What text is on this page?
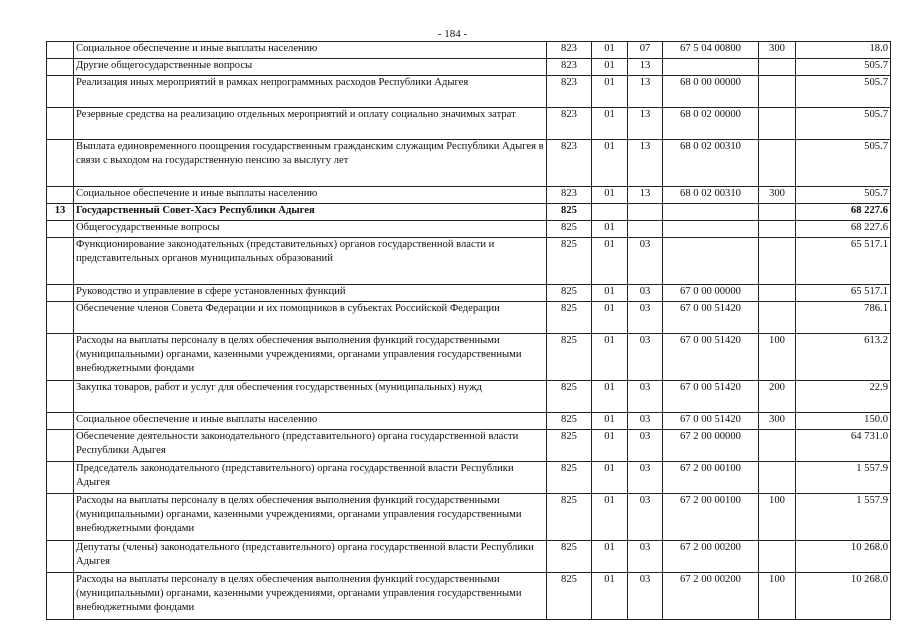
- 184 -
	Социальное обеспечение и иные выплаты населению	823	01	07	67 5 04 00800	300	18.0
	Другие общегосударственные вопросы	823	01	13			505.7
	Реализация иных мероприятий в рамках непрограммных расходов Республики Адыгея	823	01	13	68 0 00 00000		505.7
	Резервные средства на реализацию отдельных мероприятий и оплату социально значимых затрат	823	01	13	68 0 02 00000		505.7
	Выплата единовременного поощрения государственным гражданским служащим Республики Адыгея в связи с выходом на государственную пенсию за выслугу лет	823	01	13	68 0 02 00310		505.7
	Социальное обеспечение и иные выплаты населению	823	01	13	68 0 02 00310	300	505.7
13	Государственный Совет-Хасэ Республики Адыгея	825					68 227.6
	Общегосударственные вопросы	825	01				68 227.6
	Функционирование законодательных (представительных) органов государственной власти и представительных органов муниципальных образований	825	01	03			65 517.1
	Руководство и управление в сфере установленных функций	825	01	03	67 0 00 00000		65 517.1
	Обеспечение членов Совета Федерации и их помощников в субъектах Российской Федерации	825	01	03	67 0 00 51420		786.1
	Расходы на выплаты персоналу в целях обеспечения выполнения функций государственными (муниципальными) органами, казенными учреждениями, органами управления государственными внебюджетными фондами	825	01	03	67 0 00 51420	100	613.2
	Закупка товаров, работ и услуг для обеспечения государственных (муниципальных) нужд	825	01	03	67 0 00 51420	200	22.9
	Социальное обеспечение и иные выплаты населению	825	01	03	67 0 00 51420	300	150.0
	Обеспечение деятельности законодательного (представительного) органа государственной власти Республики Адыгея	825	01	03	67 2 00 00000		64 731.0
	Председатель законодательного (представительного) органа государственной власти Республики Адыгея	825	01	03	67 2 00 00100		1 557.9
	Расходы на выплаты персоналу в целях обеспечения выполнения функций государственными (муниципальными) органами, казенными учреждениями, органами управления государственными внебюджетными фондами	825	01	03	67 2 00 00100	100	1 557.9
	Депутаты (члены) законодательного (представительного) органа государственной власти Республики Адыгея	825	01	03	67 2 00 00200		10 268.0
	Расходы на выплаты персоналу в целях обеспечения выполнения функций государственными (муниципальными) органами, казенными учреждениями, органами управления государственными внебюджетными фондами	825	01	03	67 2 00 00200	100	10 268.0
